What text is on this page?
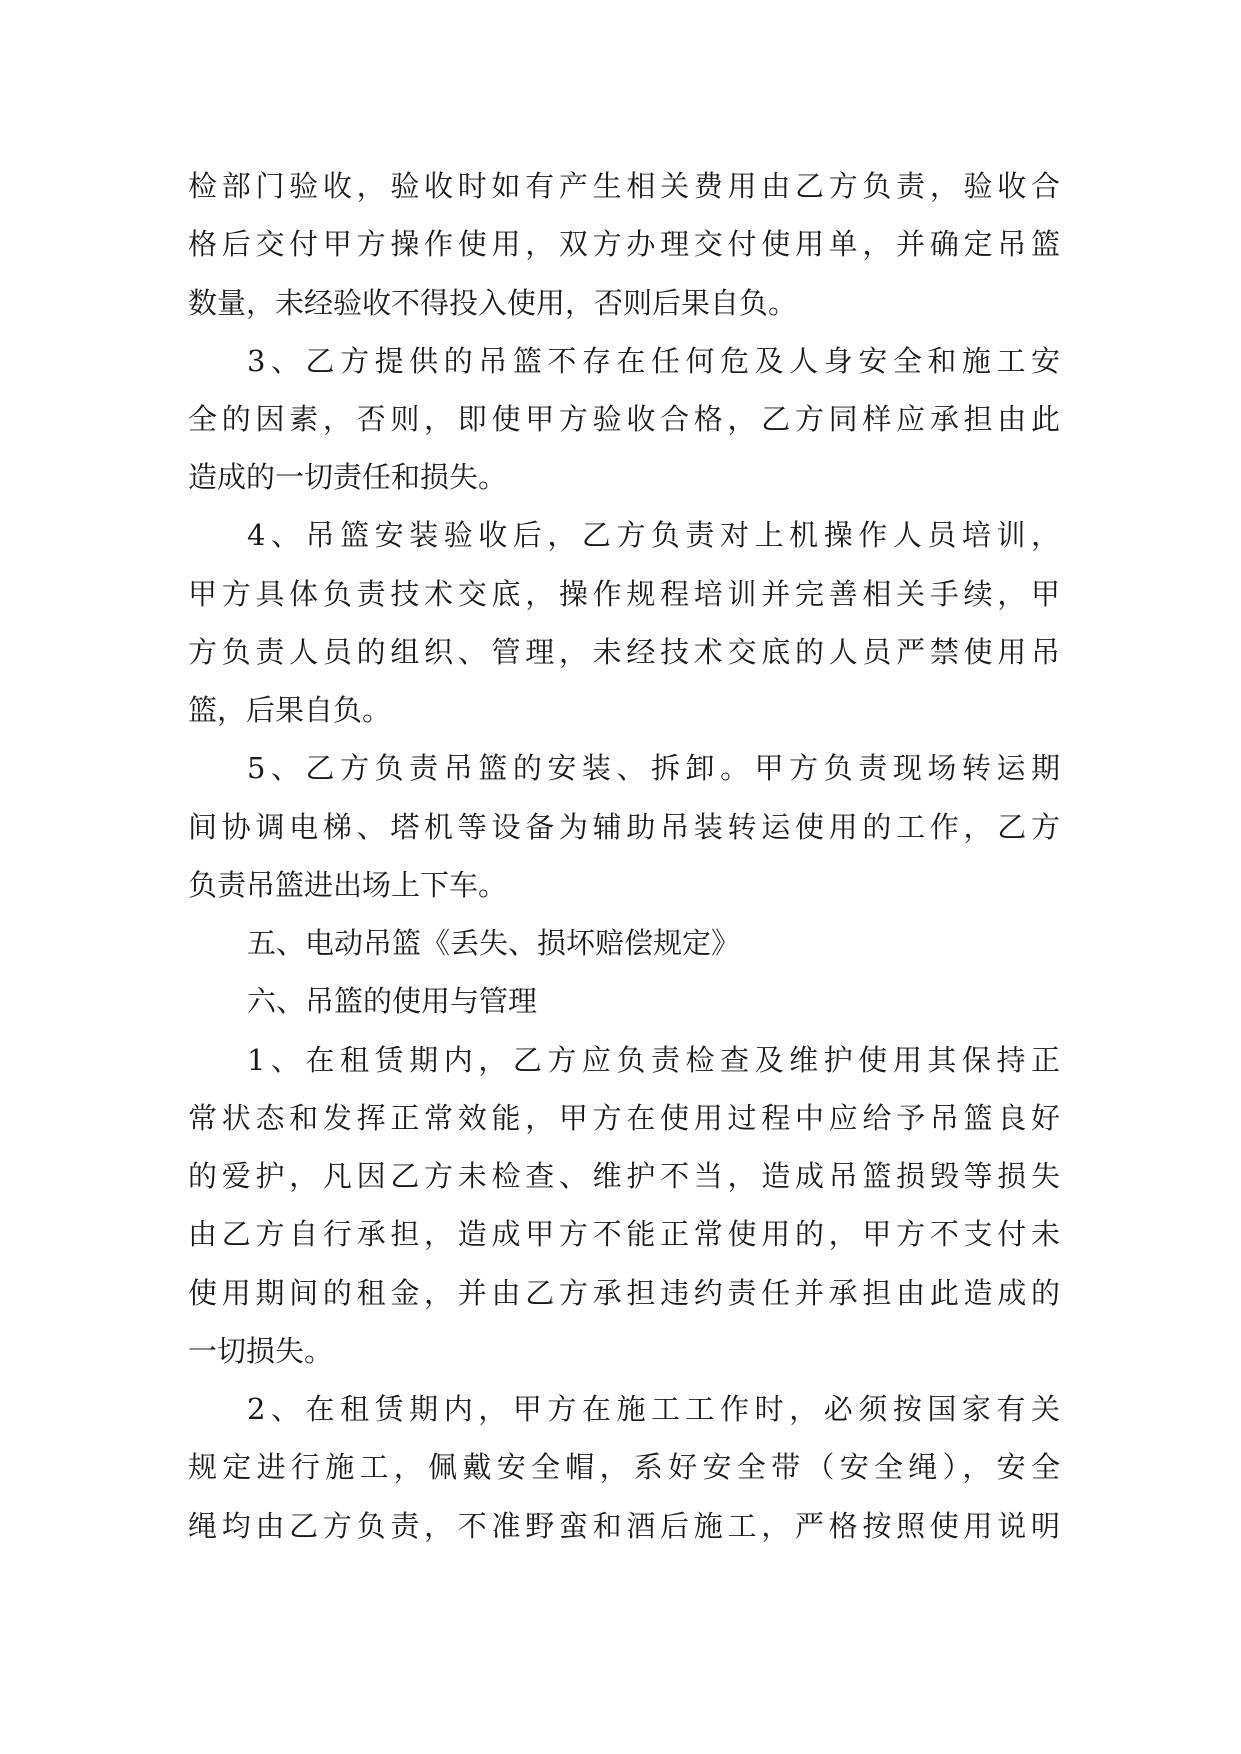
检部门验收，验收时如有产生相关费用由乙方负责，验收合
格后交付甲方操作使用，双方办理交付使用单，并确定吊篮
数量，未经验收不得投入使用，否则后果自负。
3、乙方提供的吊篮不存在任何危及人身安全和施工安
全的因素，否则，即使甲方验收合格，乙方同样应承担由此
造成的一切责任和损失。
4、吊篮安装验收后，乙方负责对上机操作人员培训，
甲方具体负责技术交底，操作规程培训并完善相关手续，甲
方负责人员的组织、管理，未经技术交底的人员严禁使用吊
篮，后果自负。
5、乙方负责吊篮的安装、拆卸。甲方负责现场转运期
间协调电梯、塔机等设备为辅助吊装转运使用的工作，乙方
负责吊篮进出场上下车。
五、电动吊篮《丢失、损坏赔偿规定》
六、吊篮的使用与管理
1、在租赁期内，乙方应负责检查及维护使用其保持正
常状态和发挥正常效能，甲方在使用过程中应给予吊篮良好
的爱护，凡因乙方未检查、维护不当，造成吊篮损毁等损失
由乙方自行承担，造成甲方不能正常使用的，甲方不支付未
使用期间的租金，并由乙方承担违约责任并承担由此造成的
一切损失。
2、在租赁期内，甲方在施工工作时，必须按国家有关
规定进行施工，佩戴安全帽，系好安全带（安全绳），安全
绳均由乙方负责，不准野蛮和酒后施工，严格按照使用说明
